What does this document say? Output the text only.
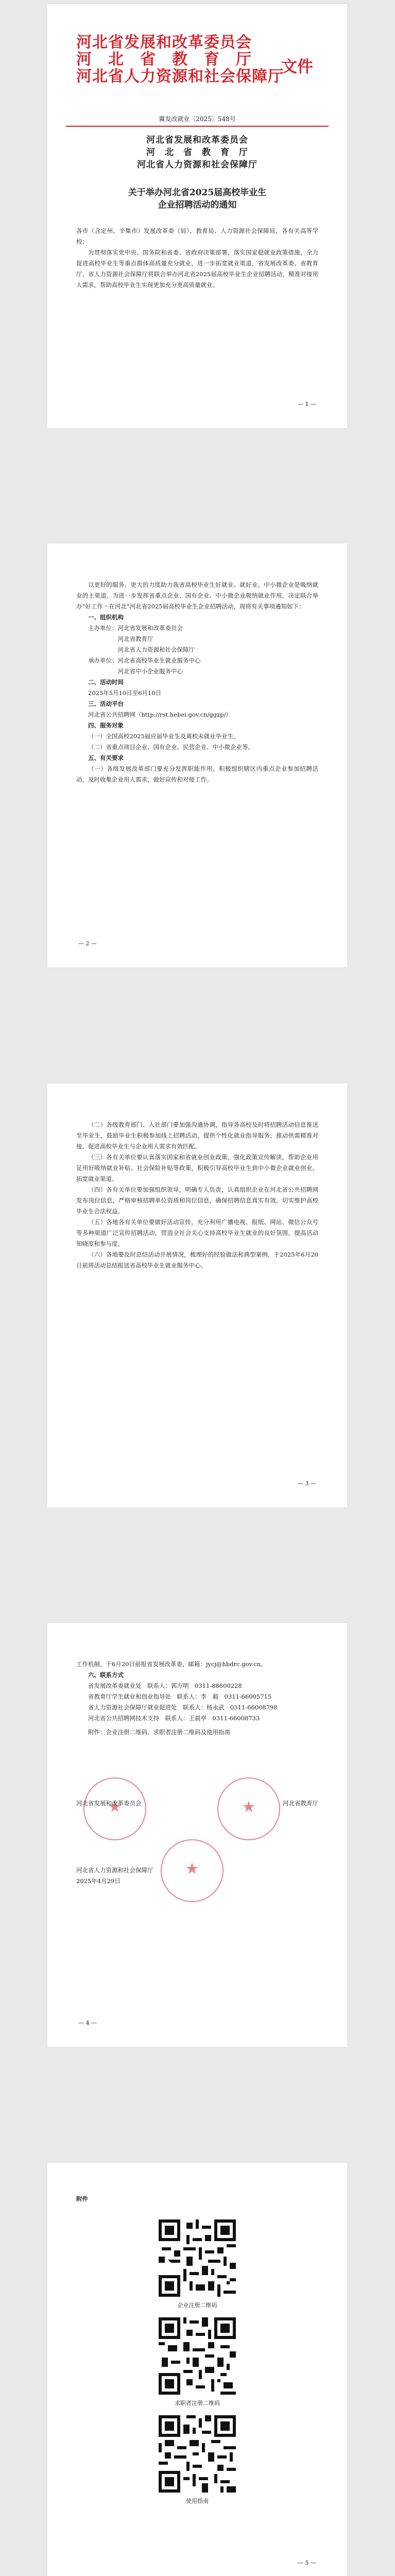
河北省发展和改革委员会
河　北　省　教　育　厅
河北省人力资源和社会保障厅
文件
冀发改就业〔2025〕548号
河北省发展和改革委员会
河　北　省　教　育　厅
河北省人力资源和社会保障厅
关于举办河北省2025届高校毕业生
企业招聘活动的通知

各市（含定州、辛集市）发展改革委（局）、教育局、人力资源社会保障局，各有关高等学校：

为贯彻落实党中央、国务院和省委、省政府决策部署，落实国家稳就业政策措施，全力促进高校毕业生等重点群体高质量充分就业，进一步拓宽就业渠道，省发展改革委、省教育厅、省人力资源社会保障厅将联合举办河北省2025届高校毕业生企业招聘活动，精准对接用人需求，帮助高校毕业生实现更加充分更高质量就业。

— 1 —

以更好的服务、更大的力度助力我省高校毕业生好就业、就好业。中小微企业是吸纳就业的主渠道，为进一步发挥省重点企业、国有企业、中小微企业吸纳就业作用，决定联合举办“好工作・在河北”河北省2025届高校毕业生企业招聘活动，现将有关事项通知如下：

一、组织机构

主办单位：河北省发展和改革委员会

　　　　　河北省教育厅

　　　　　河北省人力资源和社会保障厅

承办单位：河北省高校毕业生就业服务中心

　　　　　河北省中小企业服务中心

二、活动时间

2025年5月10日至6月10日

三、活动平台

河北省公共招聘网（http://rst.hebei.gov.cn/ggzp/）

四、服务对象

（一）全国高校2025届应届毕业生及离校未就业毕业生。

（二）省重点项目企业、国有企业、民营企业、中小微企业等。

五、有关要求

（一）各级发展改革部门要充分发挥职能作用，积极组织辖区内重点企业参加招聘活动，及时收集企业用人需求，做好宣传和对接工作。

— 2 —

（二）各级教育部门、人社部门要加强沟通协调，指导各高校及时将招聘活动信息推送至毕业生，鼓励毕业生积极参加线上招聘活动，提供个性化就业指导服务，推动供需精准对接，促进高校毕业生与企业用人需求有效匹配。

（三）各有关单位要认真落实国家和省就业创业政策，强化政策宣传解读，帮助企业用足用好吸纳就业补贴、社会保险补贴等政策，积极引导高校毕业生到中小微企业就业创业，拓宽就业渠道。

（四）各有关单位要加强组织领导，明确专人负责，认真组织企业在河北省公共招聘网发布岗位信息，严格审核招聘单位资质和岗位信息，确保招聘信息真实有效，切实维护高校毕业生合法权益。

（五）各地各有关单位要做好活动宣传，充分利用广播电视、报纸、网站、微信公众号等多种渠道广泛宣传招聘活动，营造全社会关心支持高校毕业生就业的良好氛围，提高活动知晓度和参与度。

（六）各地要及时总结活动开展情况，梳理好的经验做法和典型案例，于2025年6月20日前将活动总结报送省高校毕业生就业服务中心。

— 3 —

工作机制，于6月20日前报省发展改革委，邮箱：jycj@hbdrc.gov.cn。

六、联系方式

省发展改革委就业处　联系人：郭方明　0311-88600228

省教育厅学生就业和创业指导处　联系人：李　毅　0311-66005715

省人力资源社会保障厅就业促进处　联系人：杨永武　0311-66008798

河北省公共招聘网技术支持　联系人：王晨亭　0311-66008733

附件：企业注册二维码、求职者注册二维码及使用指南

★
★
★
河北省发展和改革委员会	河北省教育厅

河北省人力资源和社会保障厅

2025年4月29日

— 4 —

附件

企业注册二维码
求职者注册二维码
使用指南
— 5 —
